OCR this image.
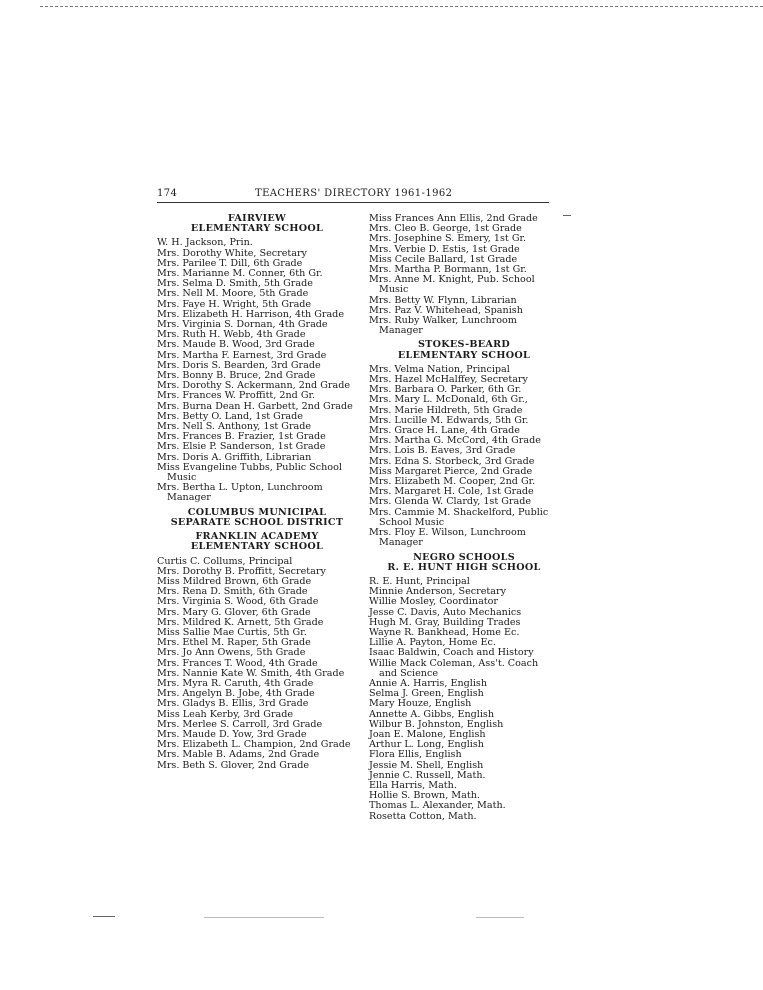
174	TEACHERS' DIRECTORY 1961-1962
FAIRVIEW
ELEMENTARY SCHOOL
W. H. Jackson, Prin.
Mrs. Dorothy White, Secretary
Mrs. Parilee T. Dill, 6th Grade
Mrs. Marianne M. Conner, 6th Gr.
Mrs. Selma D. Smith, 5th Grade
Mrs. Nell M. Moore, 5th Grade
Mrs. Faye H. Wright, 5th Grade
Mrs. Elizabeth H. Harrison, 4th Grade
Mrs. Virginia S. Dornan, 4th Grade
Mrs. Ruth H. Webb, 4th Grade
Mrs. Maude B. Wood, 3rd Grade
Mrs. Martha F. Earnest, 3rd Grade
Mrs. Doris S. Bearden, 3rd Grade
Mrs. Bonny B. Bruce, 2nd Grade
Mrs. Dorothy S. Ackermann, 2nd Grade
Mrs. Frances W. Proffitt, 2nd Gr.
Mrs. Burna Dean H. Garbett, 2nd Grade
Mrs. Betty O. Land, 1st Grade
Mrs. Nell S. Anthony, 1st Grade
Mrs. Frances B. Frazier, 1st Grade
Mrs. Elsie P. Sanderson, 1st Grade
Mrs. Doris A. Griffith, Librarian
Miss Evangeline Tubbs, Public School Music
Mrs. Bertha L. Upton, Lunchroom Manager
COLUMBUS MUNICIPAL
SEPARATE SCHOOL DISTRICT
FRANKLIN ACADEMY
ELEMENTARY SCHOOL
Curtis C. Collums, Principal
Mrs. Dorothy B. Proffitt, Secretary
Miss Mildred Brown, 6th Grade
Mrs. Rena D. Smith, 6th Grade
Mrs. Virginia S. Wood, 6th Grade
Mrs. Mary G. Glover, 6th Grade
Mrs. Mildred K. Arnett, 5th Grade
Miss Sallie Mae Curtis, 5th Gr.
Mrs. Ethel M. Raper, 5th Grade
Mrs. Jo Ann Owens, 5th Grade
Mrs. Frances T. Wood, 4th Grade
Mrs. Nannie Kate W. Smith, 4th Grade
Mrs. Myra R. Caruth, 4th Grade
Mrs. Angelyn B. Jobe, 4th Grade
Mrs. Gladys B. Ellis, 3rd Grade
Miss Leah Kerby, 3rd Grade
Mrs. Merlee S. Carroll, 3rd Grade
Mrs. Maude D. Yow, 3rd Grade
Mrs. Elizabeth L. Champion, 2nd Grade
Mrs. Mable B. Adams, 2nd Grade
Mrs. Beth S. Glover, 2nd Grade
Miss Frances Ann Ellis, 2nd Grade
Mrs. Cleo B. George, 1st Grade
Mrs. Josephine S. Emery, 1st Gr.
Mrs. Verbie D. Estis, 1st Grade
Miss Cecile Ballard, 1st Grade
Mrs. Martha P. Bormann, 1st Gr.
Mrs. Anne M. Knight, Pub. School Music
Mrs. Betty W. Flynn, Librarian
Mrs. Paz V. Whitehead, Spanish
Mrs. Ruby Walker, Lunchroom Manager
STOKES-BEARD
ELEMENTARY SCHOOL
Mrs. Velma Nation, Principal
Mrs. Hazel McHalffey, Secretary
Mrs. Barbara O. Parker, 6th Gr.
Mrs. Mary L. McDonald, 6th Gr.,
Mrs. Marie Hildreth, 5th Grade
Mrs. Lucille M. Edwards, 5th Gr.
Mrs. Grace H. Lane, 4th Grade
Mrs. Martha G. McCord, 4th Grade
Mrs. Lois B. Eaves, 3rd Grade
Mrs. Edna S. Storbeck, 3rd Grade
Miss Margaret Pierce, 2nd Grade
Mrs. Elizabeth M. Cooper, 2nd Gr.
Mrs. Margaret H. Cole, 1st Grade
Mrs. Glenda W. Clardy, 1st Grade
Mrs. Cammie M. Shackelford, Public School Music
Mrs. Floy E. Wilson, Lunchroom Manager
NEGRO SCHOOLS
R. E. HUNT HIGH SCHOOL
R. E. Hunt, Principal
Minnie Anderson, Secretary
Willie Mosley, Coordinator
Jesse C. Davis, Auto Mechanics
Hugh M. Gray, Building Trades
Wayne R. Bankhead, Home Ec.
Lillie A. Payton, Home Ec.
Isaac Baldwin, Coach and History
Willie Mack Coleman, Ass't. Coach and Science
Annie A. Harris, English
Selma J. Green, English
Mary Houze, English
Annette A. Gibbs, English
Wilbur B. Johnston, English
Joan E. Malone, English
Arthur L. Long, English
Flora Ellis, English
Jessie M. Shell, English
Jennie C. Russell, Math.
Ella Harris, Math.
Hollie S. Brown, Math.
Thomas L. Alexander, Math.
Rosetta Cotton, Math.
